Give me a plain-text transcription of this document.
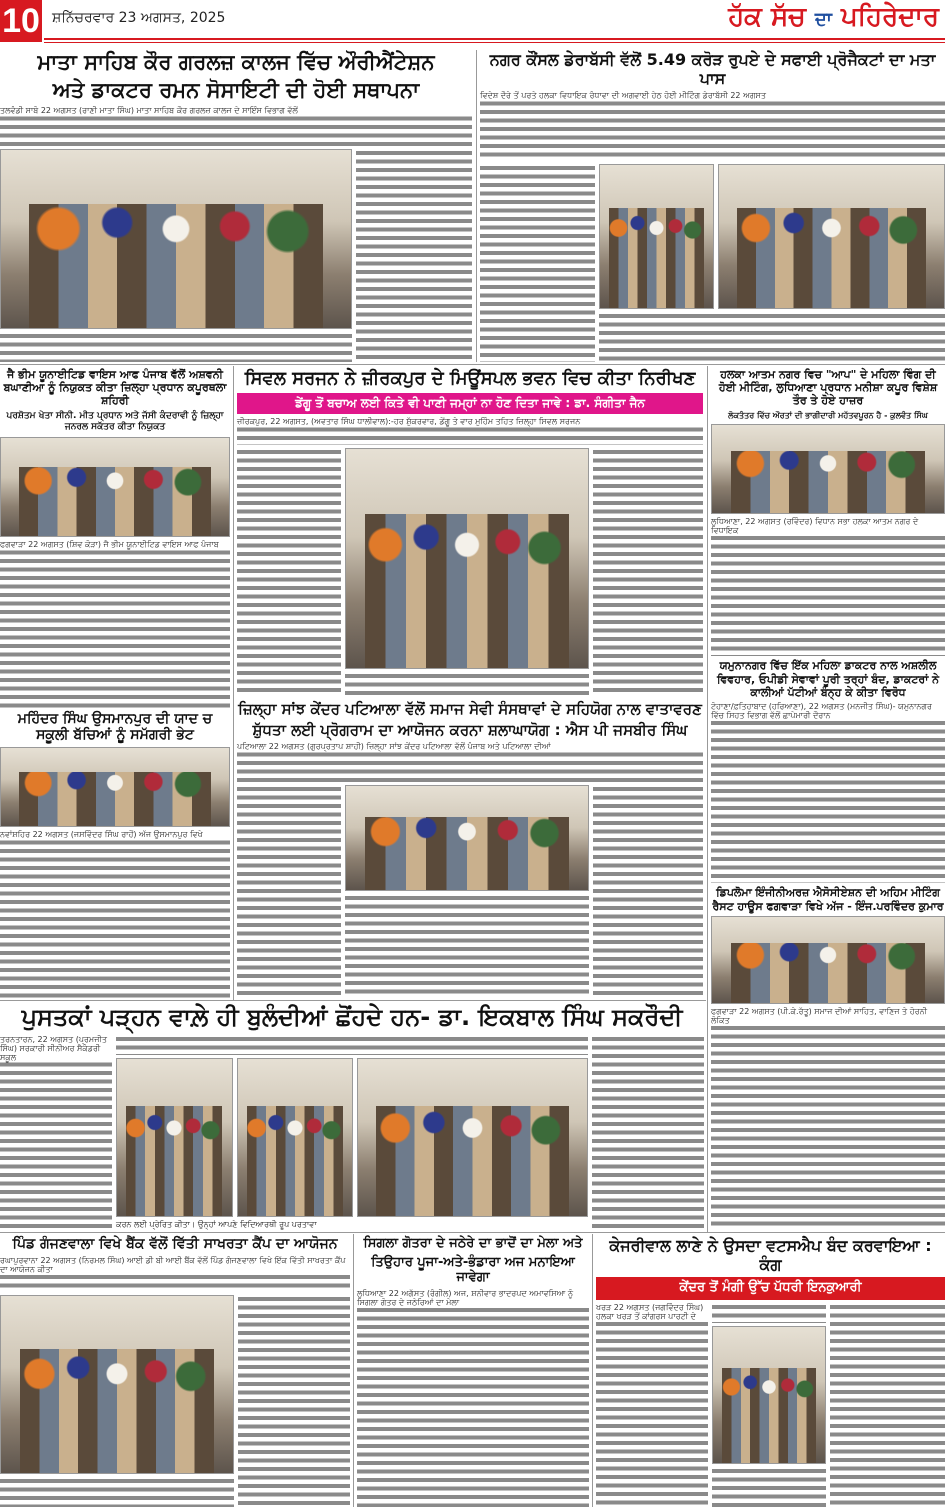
10 ਸ਼ਨਿੱਚਰਵਾਰ 23 ਅਗਸਤ, 2025	ਹੱਕ ਸੱਚ ਦਾ ਪਹਿਰੇਦਾਰ
ਮਾਤਾ ਸਾਹਿਬ ਕੌਰ ਗਰਲਜ਼ ਕਾਲਜ ਵਿੱਚ ਔਰੀਐਂਟੇਸ਼ਨ
ਅਤੇ ਡਾਕਟਰ ਰਮਨ ਸੋਸਾਇਟੀ ਦੀ ਹੋਈ ਸਥਾਪਨਾ
ਤਲਵੰਡੀ ਸਾਬੋ 22 ਅਗਸਤ (ਰਾਣੀ ਮਾਤਾ ਸਿੰਘ) ਮਾਤਾ ਸਾਹਿਬ ਕੌਰ ਗਰਲਜ਼ ਕਾਲਜ ਦੇ ਸਾਇੰਸ ਵਿਭਾਗ ਵੱਲੋਂ
ਨਗਰ ਕੌਂਸਲ ਡੇਰਾਬੱਸੀ ਵੱਲੋਂ 5.49 ਕਰੋੜ ਰੁਪਏ ਦੇ ਸਫਾਈ ਪ੍ਰੋਜੈਕਟਾਂ ਦਾ ਮਤਾ ਪਾਸ
ਵਿਦੇਸ਼ ਦੌਰੇ ਤੋਂ ਪਰਤੇ ਹਲਕਾ ਵਿਧਾਇਕ ਰੰਧਾਵਾ ਦੀ ਅਗਵਾਈ ਹੇਠ ਹੋਈ ਮੀਟਿੰਗ ਡੇਰਾਬੱਸੀ 22 ਅਗਸਤ
ਜੈ ਭੀਮ ਯੂਨਾਈਟਿਡ ਵਾਇਸ ਆਫ ਪੰਜਾਬ ਵੱਲੋਂ ਅਸ਼ਵਨੀ ਬਘਾਣੀਆ ਨੂੰ ਨਿਯੁਕਤ ਕੀਤਾ ਜ਼ਿਲ੍ਹਾ ਪ੍ਰਧਾਨ ਕਪੂਰਥਲਾ ਸ਼ਹਿਰੀ
ਪਰਸ਼ੋਤਮ ਖੇਤਾ ਸੀਨੀ. ਮੀਤ ਪ੍ਰਧਾਨ ਅਤੇ ਜੱਸੀ ਕੰਦਰਾਵੀ ਨੂੰ ਜ਼ਿਲ੍ਹਾ ਜਨਰਲ ਸਕੱਤਰ ਕੀਤਾ ਨਿਯੁਕਤ
ਫਗਵਾੜਾ 22 ਅਗਸਤ (ਸ਼ਿਵ ਕੋੜਾ) ਜੈ ਭੀਮ ਯੂਨਾਈਟਿਡ ਵਾਇਸ ਆਫ ਪੰਜਾਬ
ਮਹਿੰਦਰ ਸਿੰਘ ਉਸਮਾਨਪੁਰ ਦੀ ਯਾਦ ਚ ਸਕੂਲੀ ਬੱਚਿਆਂ ਨੂੰ ਸਮੱਗਰੀ ਭੇਟ
ਨਵਾਂਸ਼ਹਿਰ 22 ਅਗਸਤ (ਜਸਵਿੰਦਰ ਸਿੰਘ ਰਾਹੋਂ) ਅੱਜ ਉਸਮਾਨਪੁਰ ਵਿਖੇ
ਸਿਵਲ ਸਰਜਨ ਨੇ ਜ਼ੀਰਕਪੁਰ ਦੇ ਮਿਊਂਸਪਲ ਭਵਨ ਵਿਚ ਕੀਤਾ ਨਿਰੀਖਣ
ਡੇਂਗੂ ਤੋਂ ਬਚਾਅ ਲਈ ਕਿਤੇ ਵੀ ਪਾਣੀ ਜਮ੍ਹਾਂ ਨਾ ਹੋਣ ਦਿਤਾ ਜਾਵੇ : ਡਾ. ਸੰਗੀਤਾ ਜੈਨ
ਜ਼ੀਰਕਪੁਰ, 22 ਅਗਸਤ, (ਅਵਤਾਰ ਸਿੰਘ ਧਾਲੀਵਾਲ):-ਹਰ ਸ਼ੁੱਕਰਵਾਰ, ਡੇਂਗੂ ਤੇ ਵਾਰ ਮੁਹਿੰਮ ਤਹਿਤ ਜ਼ਿਲ੍ਹਾ ਸਿਵਲ ਸਰਜਨ
ਜ਼ਿਲ੍ਹਾ ਸਾਂਝ ਕੇਂਦਰ ਪਟਿਆਲਾ ਵੱਲੋਂ ਸਮਾਜ ਸੇਵੀ ਸੰਸਥਾਵਾਂ ਦੇ ਸਹਿਯੋਗ ਨਾਲ ਵਾਤਾਵਰਣ
ਸ਼ੁੱਧਤਾ ਲਈ ਪ੍ਰੋਗਰਾਮ ਦਾ ਆਯੋਜਨ ਕਰਨਾ ਸ਼ਲਾਘਾਯੋਗ : ਐਸ ਪੀ ਜਸਬੀਰ ਸਿੰਘ
ਪਟਿਆਲਾ 22 ਅਗਸਤ (ਗੁਰਪ੍ਰਤਾਪ ਸ਼ਾਹੀ) ਜ਼ਿਲ੍ਹਾ ਸਾਂਝ ਕੇਂਦਰ ਪਟਿਆਲਾ ਵੱਲੋਂ ਪੰਜਾਬ ਅਤੇ ਪਟਿਆਲਾ ਦੀਆਂ
ਹਲਕਾ ਆਤਮ ਨਗਰ ਵਿਚ "ਆਪ" ਦੇ ਮਹਿਲਾ ਵਿੰਗ ਦੀ ਹੋਈ ਮੀਟਿੰਗ, ਲੁਧਿਆਣਾ ਪ੍ਰਧਾਨ ਮਨੀਸ਼ਾ ਕਪੂਰ ਵਿਸ਼ੇਸ਼ ਤੌਰ ਤੇ ਹੋਏ ਹਾਜ਼ਰ
ਲੋਕਤੰਤਰ ਵਿੱਚ ਔਰਤਾਂ ਦੀ ਭਾਗੀਦਾਰੀ ਮਹੱਤਵਪੂਰਨ ਹੈ - ਕੁਲਵੰਤ ਸਿੰਘ
ਲੁਧਿਆਣਾ, 22 ਅਗਸਤ (ਰਵਿੰਦਰ) ਵਿਧਾਨ ਸਭਾ ਹਲਕਾ ਆਤਮ ਨਗਰ ਦੇ ਵਿਧਾਇਕ
ਯਮੁਨਾਨਗਰ ਵਿੱਚ ਇੱਕ ਮਹਿਲਾ ਡਾਕਟਰ ਨਾਲ ਅਸ਼ਲੀਲ ਵਿਵਹਾਰ, ਓਪੀਡੀ ਸੇਵਾਵਾਂ ਪੂਰੀ ਤਰ੍ਹਾਂ ਬੰਦ, ਡਾਕਟਰਾਂ ਨੇ ਕਾਲੀਆਂ ਪੱਟੀਆਂ ਬੰਨ੍ਹ ਕੇ ਕੀਤਾ ਵਿਰੋਧ
ਟੋਹਾਣਾ/ਫ਼ਤਿਹਾਬਾਦ (ਹਰਿਆਣਾ), 22 ਅਗਸਤ (ਮਨਜੀਤ ਸਿੰਘ)- ਯਮੁਨਾਨਗਰ ਵਿੱਚ ਸਿਹਤ ਵਿਭਾਗ ਵੱਲੋਂ ਛਾਪੇਮਾਰੀ ਦੌਰਾਨ
ਡਿਪਲੋਮਾ ਇੰਜੀਨੀਅਰਜ਼ ਐਸੋਸੀਏਸ਼ਨ ਦੀ ਅਹਿਮ ਮੀਟਿੰਗ ਰੈਸਟ ਹਾਊਸ ਫਗਵਾੜਾ ਵਿਖੇ ਅੱਜ - ਇੰਜ.ਪਰਵਿੰਦਰ ਕੁਮਾਰ
ਫਗਵਾੜਾ 22 ਅਗਸਤ (ਪੀ.ਕੇ.ਰੱਤੂ) ਸਮਾਜ ਦੀਆਂ ਸਾਹਿਤ, ਵਾਣਿਜ ਤੇ ਹੋਰਨੀ ਲੋਕਿਤ
ਪੁਸਤਕਾਂ ਪੜ੍ਹਨ ਵਾਲ਼ੇ ਹੀ ਬੁਲੰਦੀਆਂ ਛੋਂਹਦੇ ਹਨ- ਡਾ. ਇਕਬਾਲ ਸਿੰਘ ਸਕਰੌਦੀ
ਤਰਨਤਾਰਨ, 22 ਅਗਸਤ (ਪ੍ਰਮਜੀਤ ਸਿੰਘ) ਸਰਕਾਰੀ ਸੀਨੀਅਰ ਸੈਕੰਡਰੀ ਸਕੂਲ
ਕਰਨ ਲਈ ਪ੍ਰੇਰਿਤ ਕੀਤਾ। ਉਨ੍ਹਾਂ ਆਪਣੇ ਵਿਦਿਆਰਥੀ ਰੂਪ ਪਰਤਾਵਾ
ਪਿੰਡ ਗੰਜਣਵਾਲਾ ਵਿਖੇ ਬੈਂਕ ਵੱਲੋਂ ਵਿੱਤੀ ਸਾਖਰਤਾ ਕੈਂਪ ਦਾ ਆਯੋਜਨ
ਰਘਾਪੁਰਵਾਨਾ 22 ਅਗਸਤ (ਨਿਰਮਲ ਸਿੰਘ) ਆਈ ਡੀ ਬੀ ਆਈ ਬੈਂਕ ਵੱਲੋਂ ਪਿੰਡ ਗੰਜਣਵਾਲਾ ਵਿਖੇ ਇੱਕ ਵਿੱਤੀ ਸਾਖਰਤਾ ਕੈਂਪ ਦਾ ਆਯੋਜਨ ਕੀਤਾ
ਸਿਗਲਾ ਗੋਤਰਾ ਦੇ ਜਠੇਰੇ ਦਾ ਭਾਦੋਂ ਦਾ ਮੇਲਾ ਅਤੇ
ਤਿਉਹਾਰ ਪੂਜਾ-ਅਤੇ-ਭੰਡਾਰਾ ਅਜ ਮਨਾਇਆ ਜਾਵੇਗਾ
ਲੁਧਿਆਣਾ 22 ਅਗੱਸਤ (ਰੰਗੀਲ) ਅਜ, ਸ਼ਨੀਵਾਰ ਭਾਦਰਪਦ ਅਮਾਵਸਿਆ ਨੂੰ ਸਿਗਲਾ ਗੋਤਰ ਦੇ ਜਠੇਰਿਆਂ ਦਾ ਮੇਲਾ
ਕੇਜਰੀਵਾਲ ਲਾਣੇ ਨੇ ਉਸਦਾ ਵਟਸਐਪ ਬੰਦ ਕਰਵਾਇਆ : ਕੰਗ
ਕੇਂਦਰ ਤੋਂ ਮੰਗੀ ਉੱਚ ਪੱਧਰੀ ਇਨਕੁਆਰੀ
ਖਰੜ 22 ਅਗਸਤ (ਜਗਵਿੰਦਰ ਸਿੰਘ) ਹਲਕਾ ਖਰੜ ਤੋਂ ਕਾਂਗਰਸ ਪਾਰਟੀ ਦੇ
